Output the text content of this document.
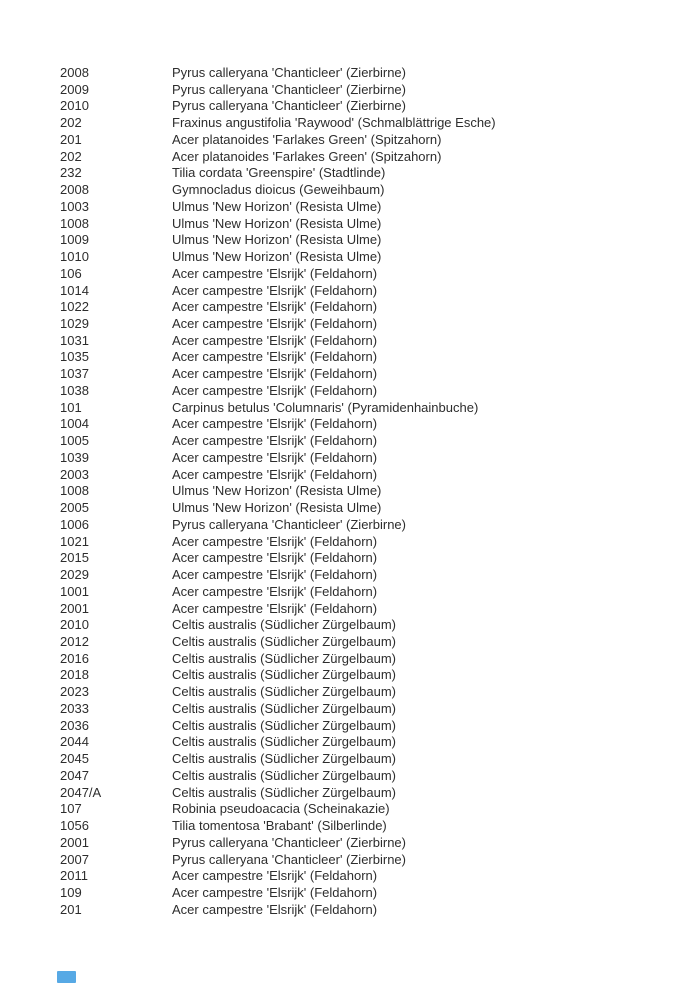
2008	Pyrus calleryana 'Chanticleer' (Zierbirne)
2009	Pyrus calleryana 'Chanticleer' (Zierbirne)
2010	Pyrus calleryana 'Chanticleer' (Zierbirne)
202	Fraxinus angustifolia 'Raywood' (Schmalblättrige Esche)
201	Acer platanoides 'Farlakes Green' (Spitzahorn)
202	Acer platanoides 'Farlakes Green' (Spitzahorn)
232	Tilia cordata 'Greenspire' (Stadtlinde)
2008	Gymnocladus dioicus (Geweihbaum)
1003	Ulmus 'New Horizon' (Resista Ulme)
1008	Ulmus 'New Horizon' (Resista Ulme)
1009	Ulmus 'New Horizon' (Resista Ulme)
1010	Ulmus 'New Horizon' (Resista Ulme)
106	Acer campestre 'Elsrijk' (Feldahorn)
1014	Acer campestre 'Elsrijk' (Feldahorn)
1022	Acer campestre 'Elsrijk' (Feldahorn)
1029	Acer campestre 'Elsrijk' (Feldahorn)
1031	Acer campestre 'Elsrijk' (Feldahorn)
1035	Acer campestre 'Elsrijk' (Feldahorn)
1037	Acer campestre 'Elsrijk' (Feldahorn)
1038	Acer campestre 'Elsrijk' (Feldahorn)
101	Carpinus betulus 'Columnaris' (Pyramidenhainbuche)
1004	Acer campestre 'Elsrijk' (Feldahorn)
1005	Acer campestre 'Elsrijk' (Feldahorn)
1039	Acer campestre 'Elsrijk' (Feldahorn)
2003	Acer campestre 'Elsrijk' (Feldahorn)
1008	Ulmus 'New Horizon' (Resista Ulme)
2005	Ulmus 'New Horizon' (Resista Ulme)
1006	Pyrus calleryana 'Chanticleer' (Zierbirne)
1021	Acer campestre 'Elsrijk' (Feldahorn)
2015	Acer campestre 'Elsrijk' (Feldahorn)
2029	Acer campestre 'Elsrijk' (Feldahorn)
1001	Acer campestre 'Elsrijk' (Feldahorn)
2001	Acer campestre 'Elsrijk' (Feldahorn)
2010	Celtis australis (Südlicher Zürgelbaum)
2012	Celtis australis (Südlicher Zürgelbaum)
2016	Celtis australis (Südlicher Zürgelbaum)
2018	Celtis australis (Südlicher Zürgelbaum)
2023	Celtis australis (Südlicher Zürgelbaum)
2033	Celtis australis (Südlicher Zürgelbaum)
2036	Celtis australis (Südlicher Zürgelbaum)
2044	Celtis australis (Südlicher Zürgelbaum)
2045	Celtis australis (Südlicher Zürgelbaum)
2047	Celtis australis (Südlicher Zürgelbaum)
2047/A	Celtis australis (Südlicher Zürgelbaum)
107	Robinia pseudoacacia (Scheinakazie)
1056	Tilia tomentosa 'Brabant' (Silberlinde)
2001	Pyrus calleryana 'Chanticleer' (Zierbirne)
2007	Pyrus calleryana 'Chanticleer' (Zierbirne)
2011	Acer campestre 'Elsrijk' (Feldahorn)
109	Acer campestre 'Elsrijk' (Feldahorn)
201	Acer campestre 'Elsrijk' (Feldahorn)
